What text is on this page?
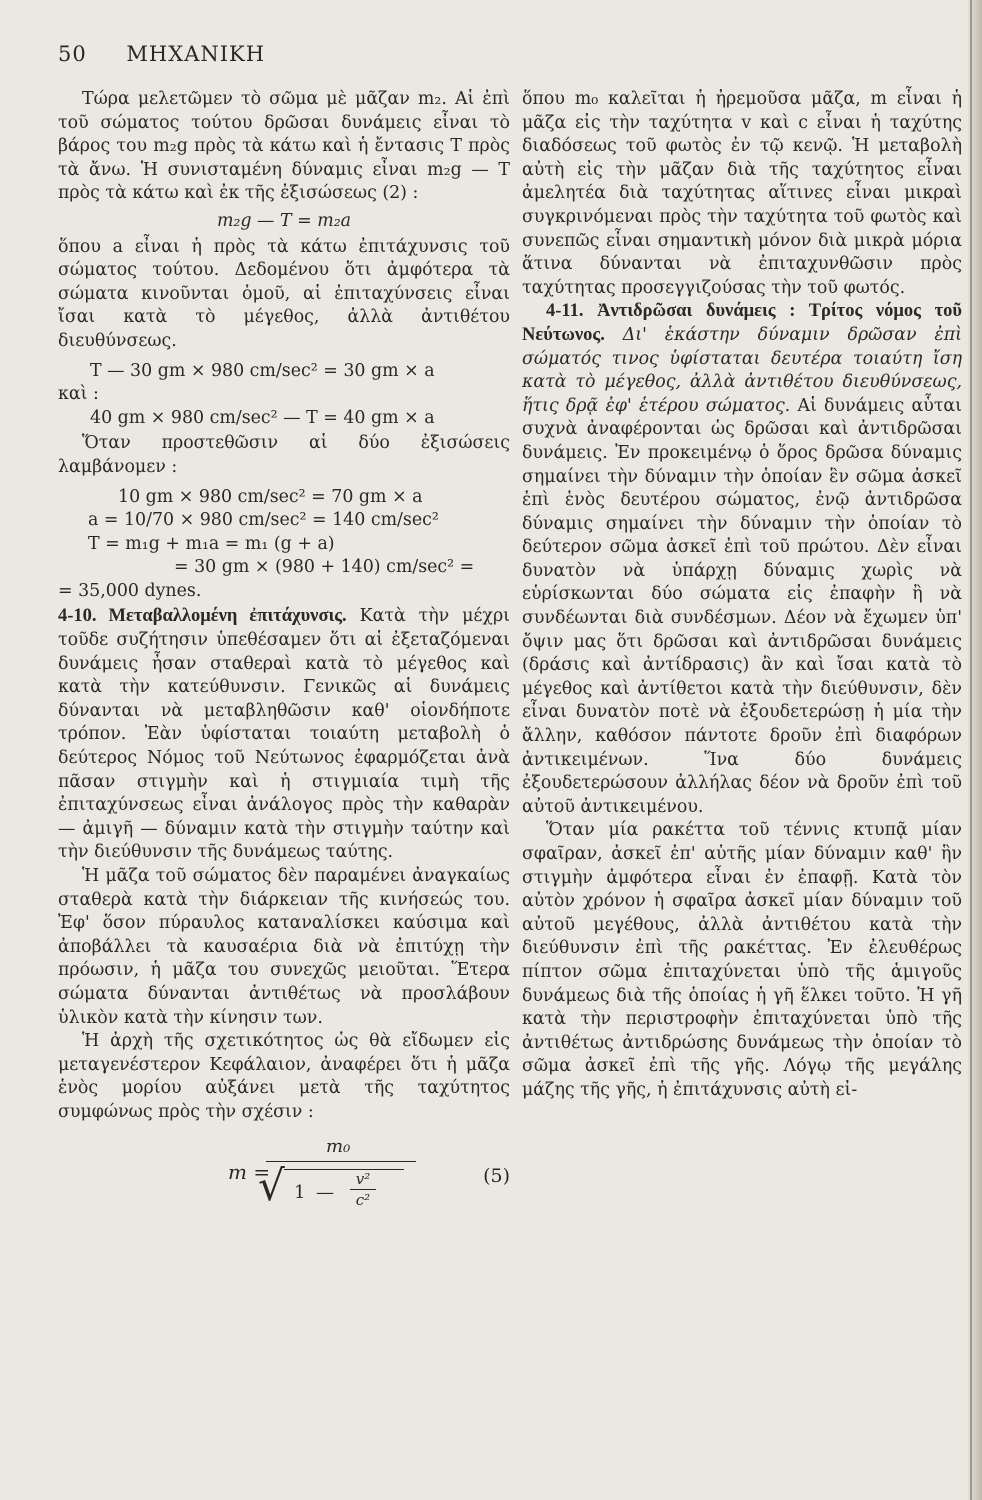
50 ΜΗΧΑΝΙΚΗ

Τώρα μελετῶμεν τὸ σῶμα μὲ μᾶζαν m₂. Αἱ ἐπὶ τοῦ σώματος τούτου δρῶσαι δυνάμεις εἶναι τὸ βάρος του m₂g πρὸς τὰ κάτω καὶ ἡ ἔντασις T πρὸς τὰ ἄνω. Ἡ συνισταμένη δύναμις εἶναι m₂g — T πρὸς τὰ κάτω καὶ ἐκ τῆς ἐξισώσεως (2) :

m₂g — T = m₂a

ὅπου a εἶναι ἡ πρὸς τὰ κάτω ἐπιτάχυνσις τοῦ σώματος τούτου. Δεδομένου ὅτι ἀμφότερα τὰ σώματα κινοῦνται ὁμοῦ, αἱ ἐπιταχύνσεις εἶναι ἴσαι κατὰ τὸ μέγεθος, ἀλλὰ ἀντιθέτου διευθύνσεως.

T — 30 gm × 980 cm/sec² = 30 gm × a
καὶ :
40 gm × 980 cm/sec² — T = 40 gm × a

Ὅταν προστεθῶσιν αἱ δύο ἐξισώσεις λαμβάνομεν :

10 gm × 980 cm/sec² = 70 gm × a
a = 10/70 × 980 cm/sec² = 140 cm/sec²
T = m₁g + m₁a = m₁ (g + a)
= 30 gm × (980 + 140) cm/sec² =
= 35,000 dynes.

4-10. Μεταβαλλομένη ἐπιτάχυνσις. Κατὰ τὴν μέχρι τοῦδε συζήτησιν ὑπεθέσαμεν ὅτι αἱ ἐξεταζόμεναι δυνάμεις ἦσαν σταθεραὶ κατὰ τὸ μέγεθος καὶ κατὰ τὴν κατεύθυνσιν. Γενικῶς αἱ δυνάμεις δύνανται νὰ μεταβληθῶσιν καθ' οἱονδήποτε τρόπον. Ἐὰν ὑφίσταται τοιαύτη μεταβολὴ ὁ δεύτερος Νόμος τοῦ Νεύτωνος ἐφαρμόζεται ἀνὰ πᾶσαν στιγμὴν καὶ ἡ στιγμιαία τιμὴ τῆς ἐπιταχύνσεως εἶναι ἀνάλογος πρὸς τὴν καθαρὰν — ἀμιγῆ — δύναμιν κατὰ τὴν στιγμὴν ταύτην καὶ τὴν διεύθυνσιν τῆς δυνάμεως ταύτης.

Ἡ μᾶζα τοῦ σώματος δὲν παραμένει ἀναγκαίως σταθερὰ κατὰ τὴν διάρκειαν τῆς κινήσεώς του. Ἐφ' ὅσον πύραυλος καταναλίσκει καύσιμα καὶ ἀποβάλλει τὰ καυσαέρια διὰ νὰ ἐπιτύχῃ τὴν πρόωσιν, ἡ μᾶζα του συνεχῶς μειοῦται. Ἕτερα σώματα δύνανται ἀντιθέτως νὰ προσλάβουν ὑλικὸν κατὰ τὴν κίνησιν των.

Ἡ ἀρχὴ τῆς σχετικότητος ὡς θὰ εἴδωμεν εἰς μεταγενέστερον Κεφάλαιον, ἀναφέρει ὅτι ἡ μᾶζα ἑνὸς μορίου αὐξάνει μετὰ τῆς ταχύτητος συμφώνως πρὸς τὴν σχέσιν :

m =
m₀
√ 1 —
v²
c²
(5)

ὅπου m₀ καλεῖται ἡ ἠρεμοῦσα μᾶζα, m εἶναι ἡ μᾶζα εἰς τὴν ταχύτητα v καὶ c εἶναι ἡ ταχύτης διαδόσεως τοῦ φωτὸς ἐν τῷ κενῷ. Ἡ μεταβολὴ αὐτὴ εἰς τὴν μᾶζαν διὰ τῆς ταχύτητος εἶναι ἀμελητέα διὰ ταχύτητας αἵτινες εἶναι μικραὶ συγκρινόμεναι πρὸς τὴν ταχύτητα τοῦ φωτὸς καὶ συνεπῶς εἶναι σημαντικὴ μόνον διὰ μικρὰ μόρια ἅτινα δύνανται νὰ ἐπιταχυνθῶσιν πρὸς ταχύτητας προσεγγιζούσας τὴν τοῦ φωτός.

4-11. Ἀντιδρῶσαι δυνάμεις : Τρίτος νόμος τοῦ Νεύτωνος. Δι' ἑκάστην δύναμιν δρῶσαν ἐπὶ σώματός τινος ὑφίσταται δευτέρα τοιαύτη ἴση κατὰ τὸ μέγεθος, ἀλλὰ ἀντιθέτου διευθύνσεως, ἥτις δρᾷ ἐφ' ἑτέρου σώματος. Αἱ δυνάμεις αὗται συχνὰ ἀναφέρονται ὡς δρῶσαι καὶ ἀντιδρῶσαι δυνάμεις. Ἐν προκειμένῳ ὁ ὅρος δρῶσα δύναμις σημαίνει τὴν δύναμιν τὴν ὁποίαν ἓν σῶμα ἀσκεῖ ἐπὶ ἑνὸς δευτέρου σώματος, ἐνῷ ἀντιδρῶσα δύναμις σημαίνει τὴν δύναμιν τὴν ὁποίαν τὸ δεύτερον σῶμα ἀσκεῖ ἐπὶ τοῦ πρώτου. Δὲν εἶναι δυνατὸν νὰ ὑπάρχῃ δύναμις χωρὶς νὰ εὑρίσκωνται δύο σώματα εἰς ἐπαφὴν ἢ νὰ συνδέωνται διὰ συνδέσμων. Δέον νὰ ἔχωμεν ὑπ' ὄψιν μας ὅτι δρῶσαι καὶ ἀντιδρῶσαι δυνάμεις (δράσις καὶ ἀντίδρασις) ἂν καὶ ἴσαι κατὰ τὸ μέγεθος καὶ ἀντίθετοι κατὰ τὴν διεύθυνσιν, δὲν εἶναι δυνατὸν ποτὲ νὰ ἐξουδετερώσῃ ἡ μία τὴν ἄλλην, καθόσον πάντοτε δροῦν ἐπὶ διαφόρων ἀντικειμένων. Ἵνα δύο δυνάμεις ἐξουδετερώσουν ἀλλήλας δέον νὰ δροῦν ἐπὶ τοῦ αὐτοῦ ἀντικειμένου.

Ὅταν μία ρακέττα τοῦ τέννις κτυπᾷ μίαν σφαῖραν, ἀσκεῖ ἐπ' αὐτῆς μίαν δύναμιν καθ' ἣν στιγμὴν ἀμφότερα εἶναι ἐν ἐπαφῇ. Κατὰ τὸν αὐτὸν χρόνον ἡ σφαῖρα ἀσκεῖ μίαν δύναμιν τοῦ αὐτοῦ μεγέθους, ἀλλὰ ἀντιθέτου κατὰ τὴν διεύθυνσιν ἐπὶ τῆς ρακέττας. Ἐν ἐλευθέρως πίπτον σῶμα ἐπιταχύνεται ὑπὸ τῆς ἀμιγοῦς δυνάμεως διὰ τῆς ὁποίας ἡ γῆ ἕλκει τοῦτο. Ἡ γῆ κατὰ τὴν περιστροφὴν ἐπιταχύνεται ὑπὸ τῆς ἀντιθέτως ἀντιδρώσης δυνάμεως τὴν ὁποίαν τὸ σῶμα ἀσκεῖ ἐπὶ τῆς γῆς. Λόγῳ τῆς μεγάλης μάζης τῆς γῆς, ἡ ἐπιτάχυνσις αὐτὴ εἰ-
